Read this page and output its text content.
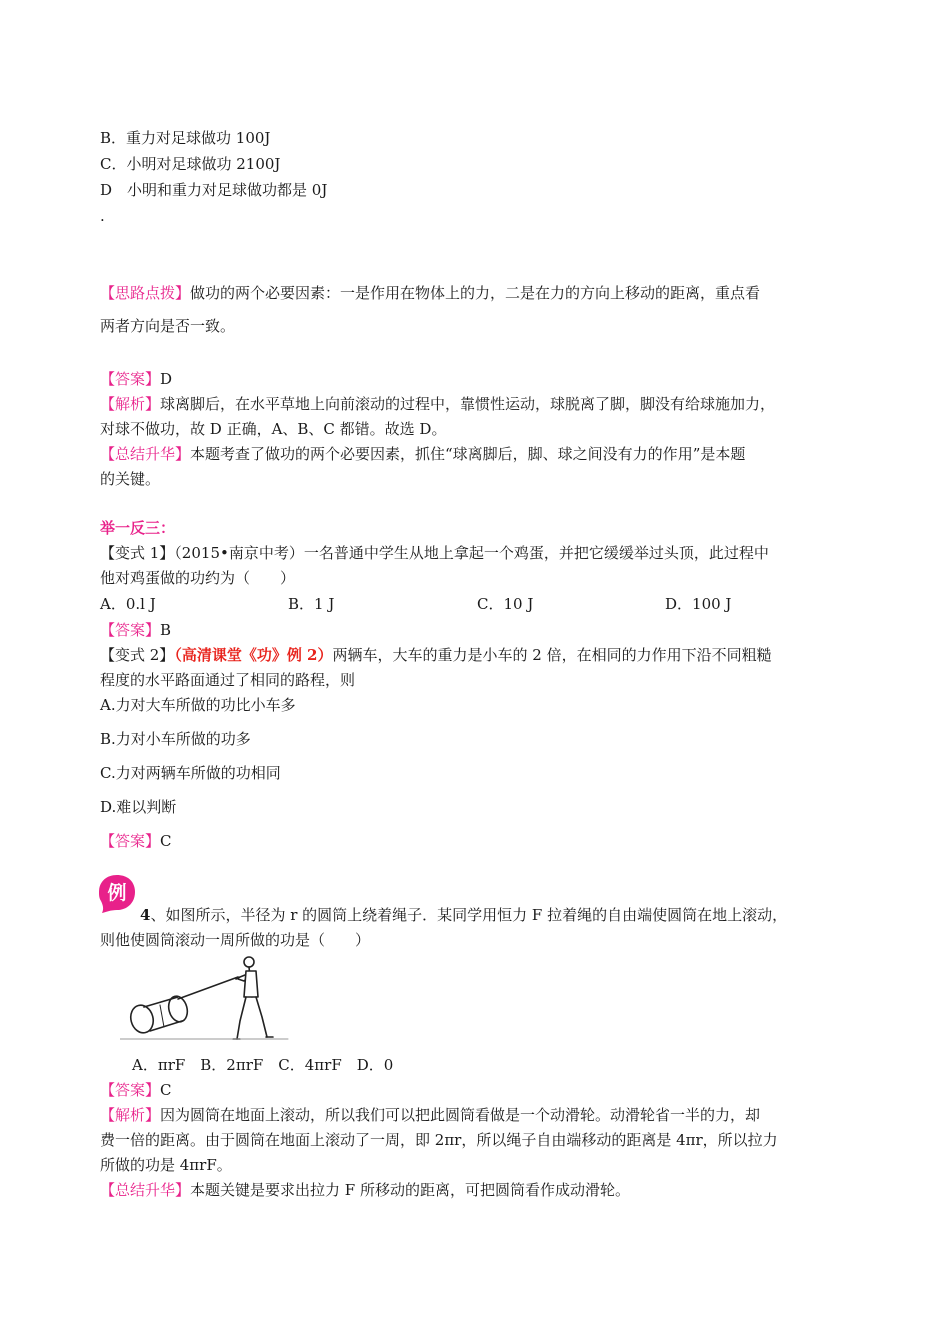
B．重力对足球做功 100J
C．小明对足球做功 2100J
D　小明和重力对足球做功都是 0J
.
【思路点拨】做功的两个必要因素：一是作用在物体上的力，二是在力的方向上移动的距离，重点看
两者方向是否一致。
【答案】D
【解析】球离脚后，在水平草地上向前滚动的过程中，靠惯性运动，球脱离了脚，脚没有给球施加力，
对球不做功，故 D 正确，A、B、C 都错。故选 D。
【总结升华】本题考查了做功的两个必要因素，抓住“球离脚后，脚、球之间没有力的作用”是本题
的关键。
举一反三：
【变式 1】（2015•南京中考）一名普通中学生从地上拿起一个鸡蛋，并把它缓缓举过头顶，此过程中
他对鸡蛋做的功约为（　　）
A．0.l J	B．1 J	C．10 J	D．100 J
【答案】B
【变式 2】（高清课堂《功》例 2）两辆车，大车的重力是小车的 2 倍，在相同的力作用下沿不同粗糙
程度的水平路面通过了相同的路程，则
A.力对大车所做的功比小车多
B.力对小车所做的功多
C.力对两辆车所做的功相同
D.难以判断
【答案】C
例
4、如图所示，半径为 r 的圆筒上绕着绳子．某同学用恒力 F 拉着绳的自由端使圆筒在地上滚动，
则他使圆筒滚动一周所做的功是（　　）
A．πrF　B．2πrF　C．4πrF　D．0
【答案】C
【解析】因为圆筒在地面上滚动，所以我们可以把此圆筒看做是一个动滑轮。动滑轮省一半的力，却
费一倍的距离。由于圆筒在地面上滚动了一周，即 2πr，所以绳子自由端移动的距离是 4πr，所以拉力
所做的功是 4πrF。
【总结升华】本题关键是要求出拉力 F 所移动的距离，可把圆筒看作成动滑轮。
